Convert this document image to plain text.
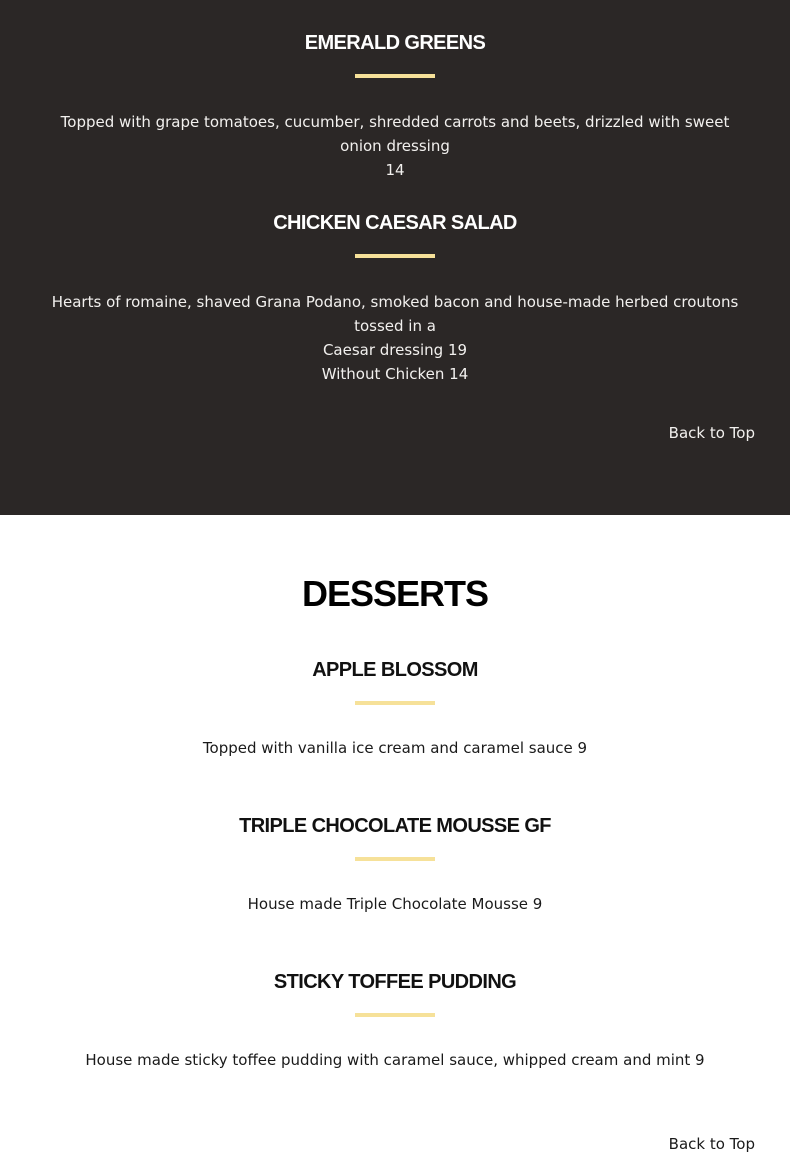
EMERALD GREENS

Topped with grape tomatoes, cucumber, shredded carrots and beets, drizzled with sweet onion dressing
14

CHICKEN CAESAR SALAD

Hearts of romaine, shaved Grana Podano, smoked bacon and house-made herbed croutons tossed in a
Caesar dressing 19
Without Chicken 14

Back to Top
DESSERTS
APPLE BLOSSOM

Topped with vanilla ice cream and caramel sauce 9

TRIPLE CHOCOLATE MOUSSE GF

House made Triple Chocolate Mousse 9

STICKY TOFFEE PUDDING

House made sticky toffee pudding with caramel sauce, whipped cream and mint 9

Back to Top
